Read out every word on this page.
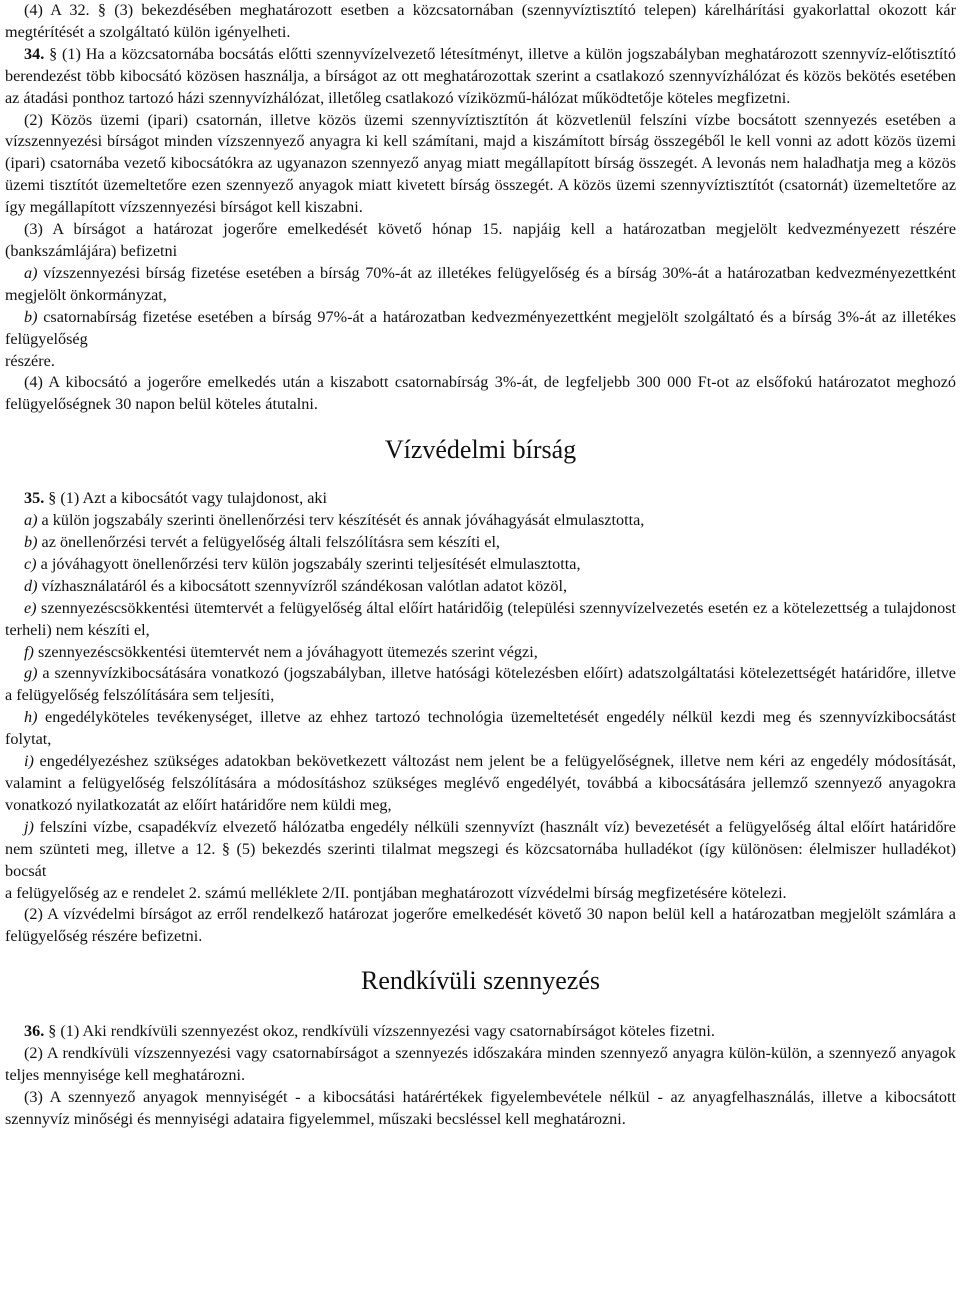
(4) A 32. § (3) bekezdésében meghatározott esetben a közcsatornában (szennyvíztisztító telepen) kárelhárítási gyakorlattal okozott kár megtérítését a szolgáltató külön igényelheti.

34. § (1) Ha a közcsatornába bocsátás előtti szennyvízelvezető létesítményt, illetve a külön jogszabályban meghatározott szennyvíz-előtisztító berendezést több kibocsátó közösen használja, a bírságot az ott meghatározottak szerint a csatlakozó szennyvízhálózat és közös bekötés esetében az átadási ponthoz tartozó házi szennyvízhálózat, illetőleg csatlakozó víziközmű-hálózat működtetője köteles megfizetni.

(2) Közös üzemi (ipari) csatornán, illetve közös üzemi szennyvíztisztítón át közvetlenül felszíni vízbe bocsátott szennyezés esetében a vízszennyezési bírságot minden vízszennyező anyagra ki kell számítani, majd a kiszámított bírság összegéből le kell vonni az adott közös üzemi (ipari) csatornába vezető kibocsátókra az ugyanazon szennyező anyag miatt megállapított bírság összegét. A levonás nem haladhatja meg a közös üzemi tisztítót üzemeltetőre ezen szennyező anyagok miatt kivetett bírság összegét. A közös üzemi szennyvíztisztítót (csatornát) üzemeltetőre az így megállapított vízszennyezési bírságot kell kiszabni.

(3) A bírságot a határozat jogerőre emelkedését követő hónap 15. napjáig kell a határozatban megjelölt kedvezményezett részére (bankszámlájára) befizetni

a) vízszennyezési bírság fizetése esetében a bírság 70%-át az illetékes felügyelőség és a bírság 30%-át a határozatban kedvezményezettként megjelölt önkormányzat,

b) csatornabírság fizetése esetében a bírság 97%-át a határozatban kedvezményezettként megjelölt szolgáltató és a bírság 3%-át az illetékes felügyelőség

részére.

(4) A kibocsátó a jogerőre emelkedés után a kiszabott csatornabírság 3%-át, de legfeljebb 300 000 Ft-ot az elsőfokú határozatot meghozó felügyelőségnek 30 napon belül köteles átutalni.

Vízvédelmi bírság

35. § (1) Azt a kibocsátót vagy tulajdonost, aki

a) a külön jogszabály szerinti önellenőrzési terv készítését és annak jóváhagyását elmulasztotta,

b) az önellenőrzési tervét a felügyelőség általi felszólításra sem készíti el,

c) a jóváhagyott önellenőrzési terv külön jogszabály szerinti teljesítését elmulasztotta,

d) vízhasználatáról és a kibocsátott szennyvízről szándékosan valótlan adatot közöl,

e) szennyezéscsökkentési ütemtervét a felügyelőség által előírt határidőig (települési szennyvízelvezetés esetén ez a kötelezettség a tulajdonost terheli) nem készíti el,

f) szennyezéscsökkentési ütemtervét nem a jóváhagyott ütemezés szerint végzi,

g) a szennyvízkibocsátására vonatkozó (jogszabályban, illetve hatósági kötelezésben előírt) adatszolgáltatási kötelezettségét határidőre, illetve a felügyelőség felszólítására sem teljesíti,

h) engedélyköteles tevékenységet, illetve az ehhez tartozó technológia üzemeltetését engedély nélkül kezdi meg és szennyvízkibocsátást folytat,

i) engedélyezéshez szükséges adatokban bekövetkezett változást nem jelent be a felügyelőségnek, illetve nem kéri az engedély módosítását, valamint a felügyelőség felszólítására a módosításhoz szükséges meglévő engedélyét, továbbá a kibocsátására jellemző szennyező anyagokra vonatkozó nyilatkozatát az előírt határidőre nem küldi meg,

j) felszíni vízbe, csapadékvíz elvezető hálózatba engedély nélküli szennyvízt (használt víz) bevezetését a felügyelőség által előírt határidőre nem szünteti meg, illetve a 12. § (5) bekezdés szerinti tilalmat megszegi és közcsatornába hulladékot (így különösen: élelmiszer hulladékot) bocsát

a felügyelőség az e rendelet 2. számú melléklete 2/II. pontjában meghatározott vízvédelmi bírság megfizetésére kötelezi.

(2) A vízvédelmi bírságot az erről rendelkező határozat jogerőre emelkedését követő 30 napon belül kell a határozatban megjelölt számlára a felügyelőség részére befizetni.

Rendkívüli szennyezés

36. § (1) Aki rendkívüli szennyezést okoz, rendkívüli vízszennyezési vagy csatornabírságot köteles fizetni.

(2) A rendkívüli vízszennyezési vagy csatornabírságot a szennyezés időszakára minden szennyező anyagra külön-külön, a szennyező anyagok teljes mennyisége kell meghatározni.

(3) A szennyező anyagok mennyiségét - a kibocsátási határértékek figyelembevétele nélkül - az anyagfelhasználás, illetve a kibocsátott szennyvíz minőségi és mennyiségi adataira figyelemmel, műszaki becsléssel kell meghatározni.
